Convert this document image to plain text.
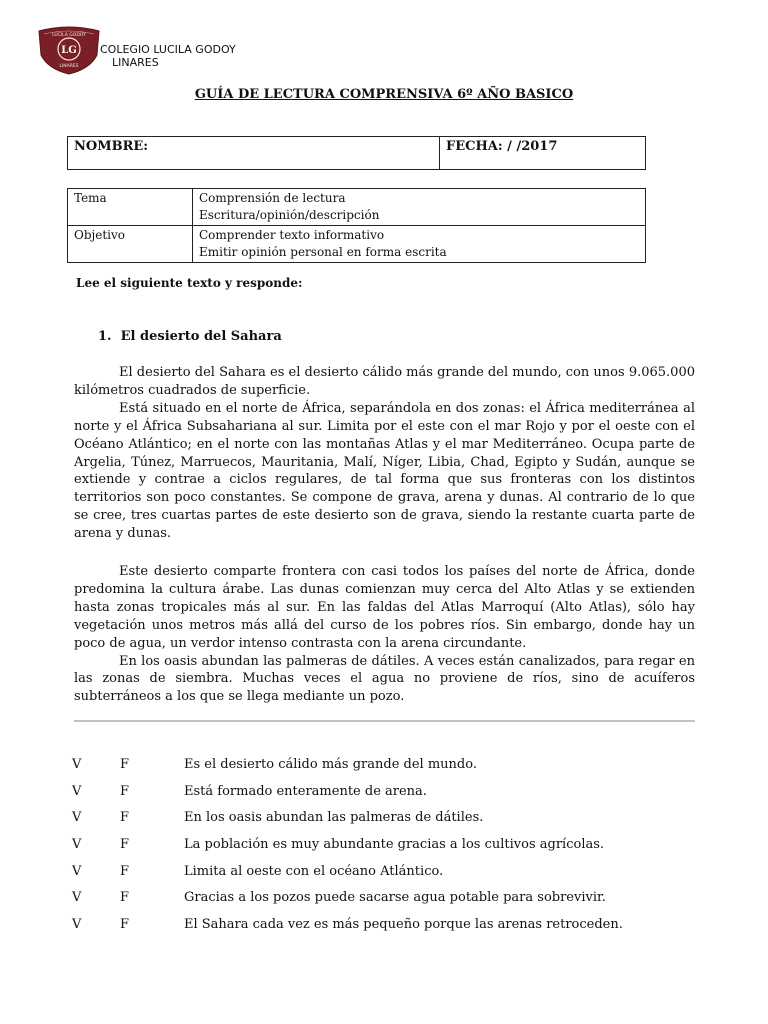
LUCILA GODOY
LG
LINARES
COLEGIO LUCILA GODOY
LINARES
GUÍA DE LECTURA COMPRENSIVA 6º AÑO BASICO
NOMBRE:	FECHA: / /2017
Tema	Comprensión de lectura
Escritura/opinión/descripción

Objetivo	Comprender texto informativo
Emitir opinión personal en forma escrita
Lee el siguiente texto y responde:
1. El desierto del Sahara

El desierto del Sahara es el desierto cálido más grande del mundo, con unos 9.065.000 kilómetros cuadrados de superficie.

Está situado en el norte de África, separándola en dos zonas: el África mediterránea al norte y el África Subsahariana al sur. Limita por el este con el mar Rojo y por el oeste con el Océano Atlántico; en el norte con las montañas Atlas y el mar Mediterráneo. Ocupa parte de Argelia, Túnez, Marruecos, Mauritania, Malí, Níger, Libia, Chad, Egipto y Sudán, aunque se extiende y contrae a ciclos regulares, de tal forma que sus fronteras con los distintos territorios son poco constantes. Se compone de grava, arena y dunas. Al contrario de lo que se cree, tres cuartas partes de este desierto son de grava, siendo la restante cuarta parte de arena y dunas.

Este desierto comparte frontera con casi todos los países del norte de África, donde predomina la cultura árabe. Las dunas comienzan muy cerca del Alto Atlas y se extienden hasta zonas tropicales más al sur. En las faldas del Atlas Marroquí (Alto Atlas), sólo hay vegetación unos metros más allá del curso de los pobres ríos. Sin embargo, donde hay un poco de agua, un verdor intenso contrasta con la arena circundante.

En los oasis abundan las palmeras de dátiles. A veces están canalizados, para regar en las zonas de siembra. Muchas veces el agua no proviene de ríos, sino de acuíferos subterráneos a los que se llega mediante un pozo.

V	F	Es el desierto cálido más grande del mundo.
V	F	Está formado enteramente de arena.
V	F	En los oasis abundan las palmeras de dátiles.
V	F	La población es muy abundante gracias a los cultivos agrícolas.
V	F	Limita al oeste con el océano Atlántico.
V	F	Gracias a los pozos puede sacarse agua potable para sobrevivir.
V	F	El Sahara cada vez es más pequeño porque las arenas retroceden.
